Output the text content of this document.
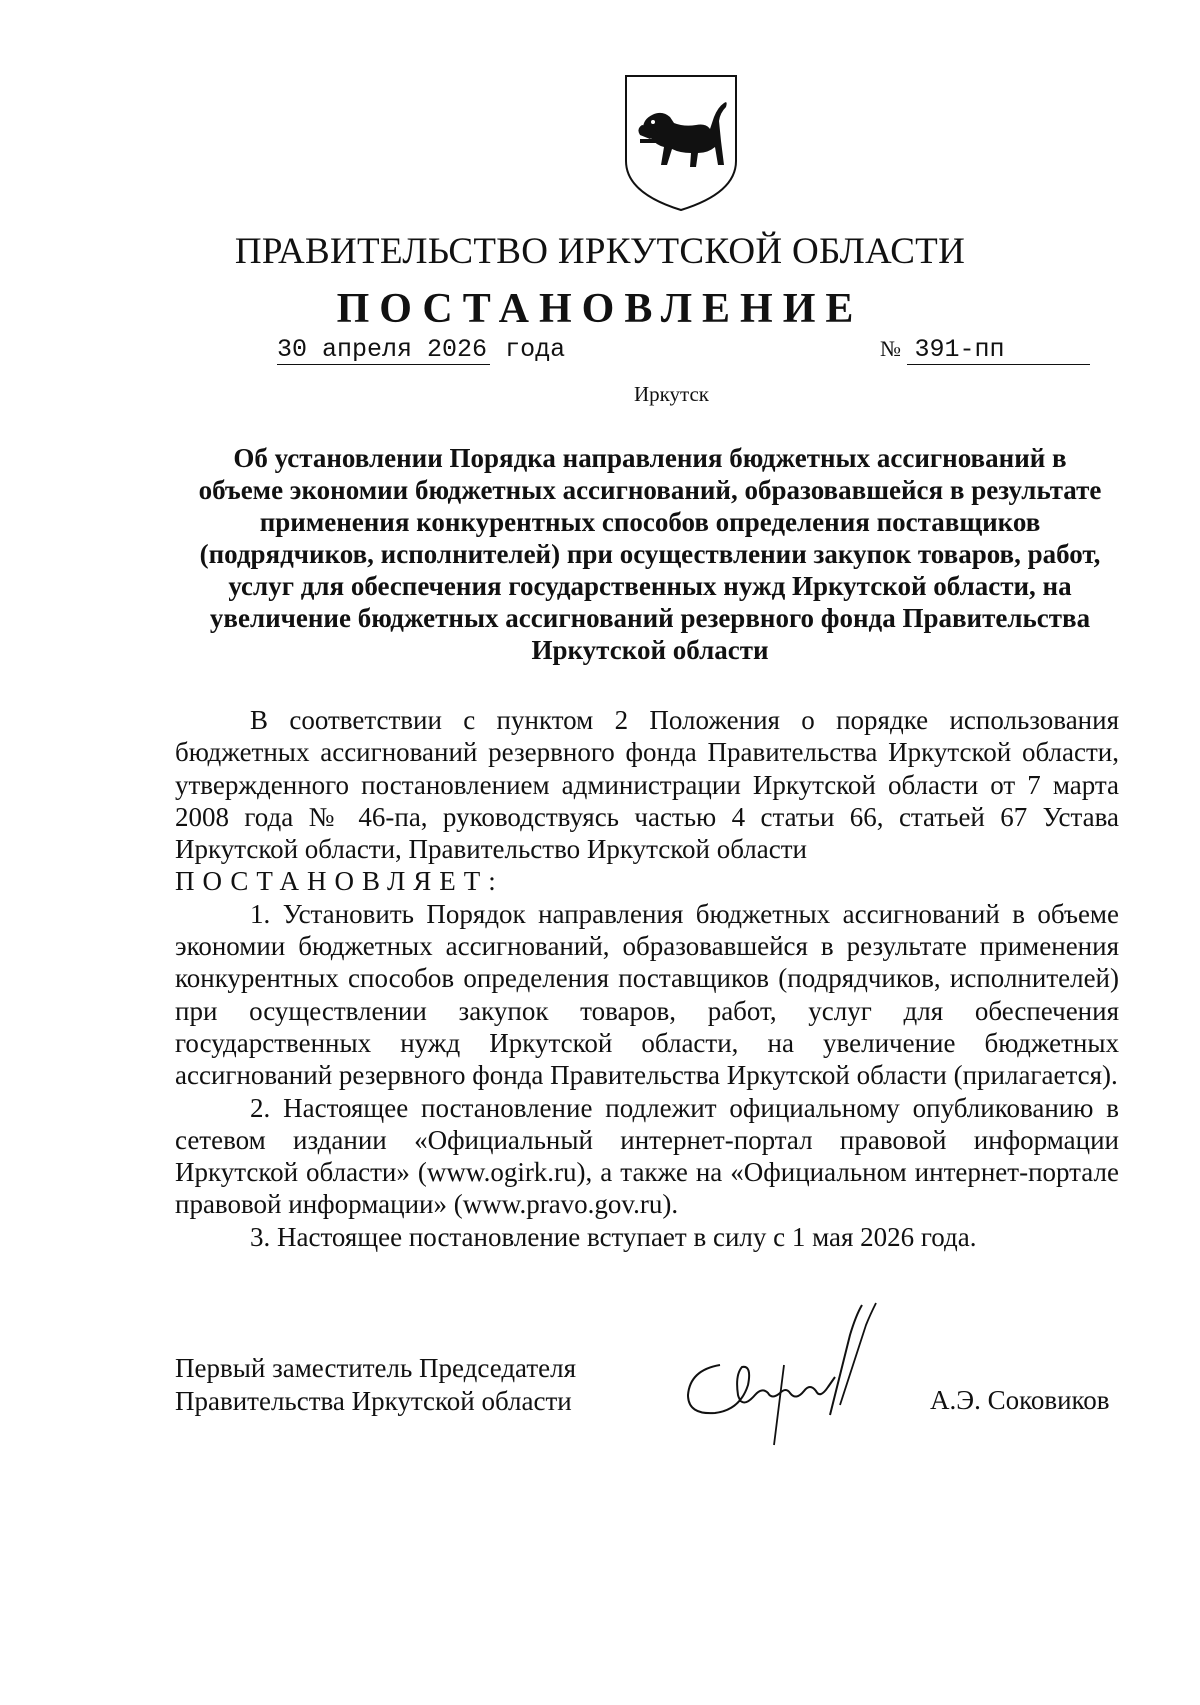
ПРАВИТЕЛЬСТВО ИРКУТСКОЙ ОБЛАСТИ
ПОСТАНОВЛЕНИЕ
30 апреля 2026 года	№ 391-пп
Иркутск
Об установлении Порядка направления бюджетных ассигнований в объеме экономии бюджетных ассигнований, образовавшейся в результате применения конкурентных способов определения поставщиков (подрядчиков, исполнителей) при осуществлении закупок товаров, работ, услуг для обеспечения государственных нужд Иркутской области, на увеличение бюджетных ассигнований резервного фонда Правительства Иркутской области

В соответствии с пунктом 2 Положения о порядке использования бюджетных ассигнований резервного фонда Правительства Иркутской области, утвержденного постановлением администрации Иркутской области от 7 марта 2008 года № 46-па, руководствуясь частью 4 статьи 66, статьей 67 Устава Иркутской области, Правительство Иркутской области

ПОСТАНОВЛЯЕТ:

1. Установить Порядок направления бюджетных ассигнований в объеме экономии бюджетных ассигнований, образовавшейся в результате применения конкурентных способов определения поставщиков (подрядчиков, исполнителей) при осуществлении закупок товаров, работ, услуг для обеспечения государственных нужд Иркутской области, на увеличение бюджетных ассигнований резервного фонда Правительства Иркутской области (прилагается).

2. Настоящее постановление подлежит официальному опубликованию в сетевом издании «Официальный интернет-портал правовой информации Иркутской области» (www.ogirk.ru), а также на «Официальном интернет-портале правовой информации» (www.pravo.gov.ru).

3. Настоящее постановление вступает в силу с 1 мая 2026 года.

Первый заместитель Председателя
Правительства Иркутской области	А.Э. Соковиков
